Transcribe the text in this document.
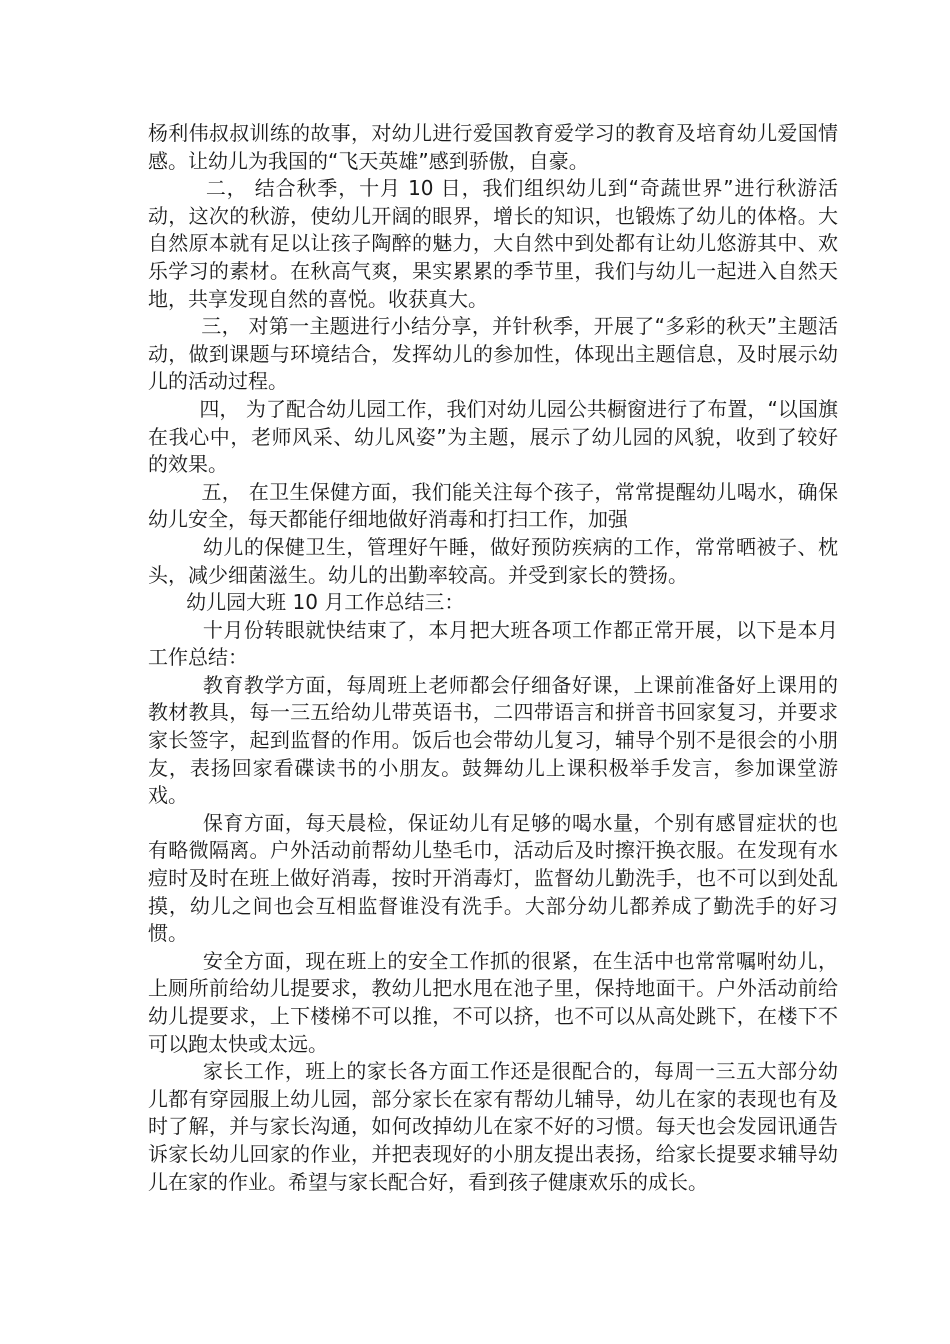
杨利伟叔叔训练的故事，对幼儿进行爱国教育爱学习的教育及培育幼儿爱国情感。让幼儿为我国的“飞天英雄”感到骄傲，自豪。

二， 结合秋季，十月 10 日，我们组织幼儿到“奇蔬世界”进行秋游活动，这次的秋游，使幼儿开阔的眼界，增长的知识，也锻炼了幼儿的体格。大自然原本就有足以让孩子陶醉的魅力，大自然中到处都有让幼儿悠游其中、欢乐学习的素材。在秋高气爽，果实累累的季节里，我们与幼儿一起进入自然天地，共享发现自然的喜悦。收获真大。

三， 对第一主题进行小结分享，并针秋季，开展了“多彩的秋天”主题活动，做到课题与环境结合，发挥幼儿的参加性，体现出主题信息，及时展示幼儿的活动过程。

四， 为了配合幼儿园工作，我们对幼儿园公共橱窗进行了布置，“以国旗在我心中，老师风采、幼儿风姿”为主题，展示了幼儿园的风貌，收到了较好的效果。

五， 在卫生保健方面，我们能关注每个孩子，常常提醒幼儿喝水，确保幼儿安全，每天都能仔细地做好消毒和打扫工作，加强

幼儿的保健卫生，管理好午睡，做好预防疾病的工作，常常晒被子、枕头，减少细菌滋生。幼儿的出勤率较高。并受到家长的赞扬。

幼儿园大班 10 月工作总结三：

十月份转眼就快结束了，本月把大班各项工作都正常开展，以下是本月工作总结：

教育教学方面，每周班上老师都会仔细备好课，上课前准备好上课用的教材教具，每一三五给幼儿带英语书，二四带语言和拼音书回家复习，并要求家长签字，起到监督的作用。饭后也会带幼儿复习，辅导个别不是很会的小朋友，表扬回家看碟读书的小朋友。鼓舞幼儿上课积极举手发言，参加课堂游戏。

保育方面，每天晨检，保证幼儿有足够的喝水量，个别有感冒症状的也有略微隔离。户外活动前帮幼儿垫毛巾，活动后及时擦汗换衣服。在发现有水痘时及时在班上做好消毒，按时开消毒灯，监督幼儿勤洗手，也不可以到处乱摸，幼儿之间也会互相监督谁没有洗手。大部分幼儿都养成了勤洗手的好习惯。

安全方面，现在班上的安全工作抓的很紧，在生活中也常常嘱咐幼儿，上厕所前给幼儿提要求，教幼儿把水甩在池子里，保持地面干。户外活动前给幼儿提要求，上下楼梯不可以推，不可以挤，也不可以从高处跳下，在楼下不可以跑太快或太远。

家长工作，班上的家长各方面工作还是很配合的，每周一三五大部分幼儿都有穿园服上幼儿园，部分家长在家有帮幼儿辅导，幼儿在家的表现也有及时了解，并与家长沟通，如何改掉幼儿在家不好的习惯。每天也会发园讯通告诉家长幼儿回家的作业，并把表现好的小朋友提出表扬，给家长提要求辅导幼儿在家的作业。希望与家长配合好，看到孩子健康欢乐的成长。
